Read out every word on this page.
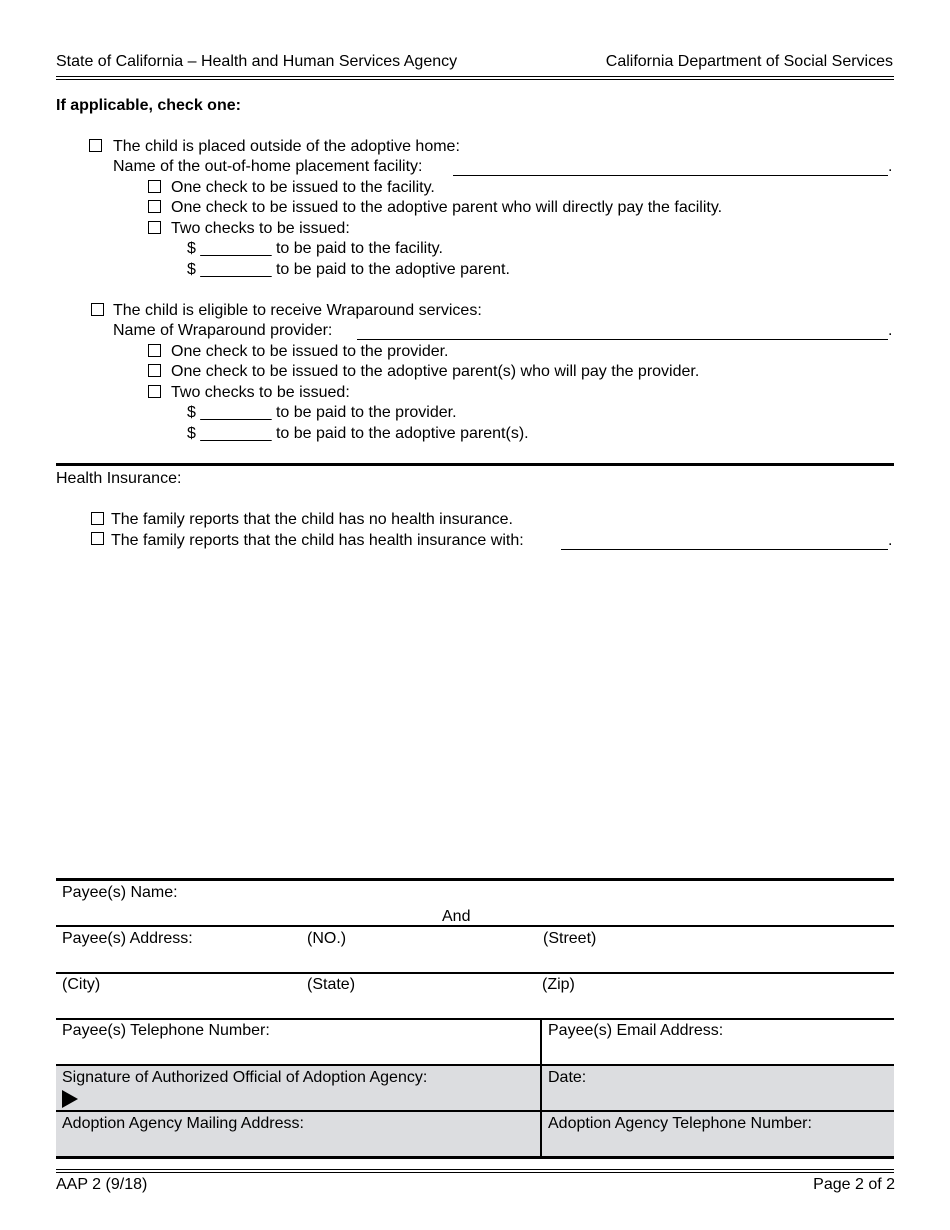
State of California – Health and Human Services Agency	California Department of Social Services
If applicable, check one:
The child is placed outside of the adoptive home:
Name of the out-of-home placement facility:	.
One check to be issued to the facility.
One check to be issued to the adoptive parent who will directly pay the facility.
Two checks to be issued:
$ ________ to be paid to the facility.
$ ________ to be paid to the adoptive parent.
The child is eligible to receive Wraparound services:
Name of Wraparound provider:	.
One check to be issued to the provider.
One check to be issued to the adoptive parent(s) who will pay the provider.
Two checks to be issued:
$ ________ to be paid to the provider.
$ ________ to be paid to the adoptive parent(s).
Health Insurance:
The family reports that the child has no health insurance.
The family reports that the child has health insurance with:	.
Payee(s) Name:
And
Payee(s) Address:	(NO.)	(Street)
(City)	(State)	(Zip)
Payee(s) Telephone Number:	Payee(s) Email Address:
Signature of Authorized Official of Adoption Agency:	Date:
Adoption Agency Mailing Address:	Adoption Agency Telephone Number:
AAP 2 (9/18)	Page 2 of 2
